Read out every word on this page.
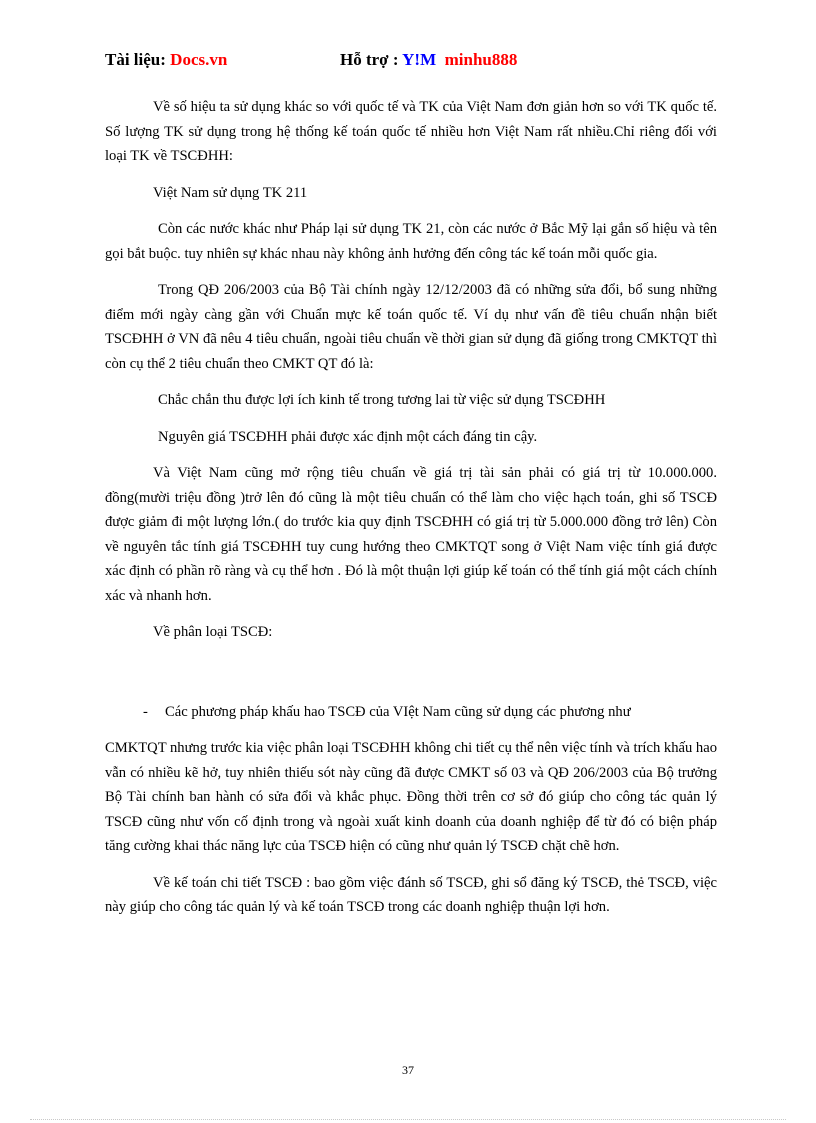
Tài liệu: Docs.vn	Hỗ trợ : Y!M minhu888

Về số hiệu ta sử dụng khác so với quốc tế và TK của Việt Nam đơn giản hơn so với TK quốc tế. Số lượng TK sử dụng trong hệ thống kế toán quốc tế nhiều hơn Việt Nam rất nhiều.Chỉ riêng đối với loại TK về TSCĐHH:

Việt Nam sử dụng TK 211

Còn các nước khác như Pháp lại sử dụng TK 21, còn các nước ở Bắc Mỹ lại gắn số hiệu và tên gọi bắt buộc. tuy nhiên sự khác nhau này không ảnh hưởng đến công tác kế toán mỗi quốc gia.

Trong QĐ 206/2003 của Bộ Tài chính ngày 12/12/2003 đã có những sửa đổi, bổ sung những điểm mới ngày càng gần với Chuẩn mực kế toán quốc tế. Ví dụ như vấn đề tiêu chuẩn nhận biết TSCĐHH ở VN đã nêu 4 tiêu chuẩn, ngoài tiêu chuẩn về thời gian sử dụng đã giống trong CMKTQT thì còn cụ thể 2 tiêu chuẩn theo CMKT QT đó là:

Chắc chắn thu được lợi ích kinh tế trong tương lai từ việc sử dụng TSCĐHH

Nguyên giá TSCĐHH phải được xác định một cách đáng tin cậy.

Và Việt Nam cũng mở rộng tiêu chuẩn về giá trị tài sản phải có giá trị từ 10.000.000. đồng(mười triệu đồng )trở lên đó cũng là một tiêu chuẩn có thể làm cho việc hạch toán, ghi số TSCĐ được giảm đi một lượng lớn.( do trước kia quy định TSCĐHH có giá trị từ 5.000.000 đồng trở lên) Còn về nguyên tắc tính giá TSCĐHH tuy cung hướng theo CMKTQT song ở Việt Nam việc tính giá được xác định có phần rõ ràng và cụ thể hơn . Đó là một thuận lợi giúp kế toán có thể tính giá một cách chính xác và nhanh hơn.

Về phân loại TSCĐ:

- Các phương pháp khấu hao TSCĐ của VIệt Nam cũng sử dụng các phương như

CMKTQT nhưng trước kia việc phân loại TSCĐHH không chi tiết cụ thể nên việc tính và trích khấu hao vẫn có nhiều kẽ hở, tuy nhiên thiếu sót này cũng đã được CMKT số 03 và QĐ 206/2003 của Bộ trưởng Bộ Tài chính ban hành có sửa đổi và khắc phục. Đồng thời trên cơ sở đó giúp cho công tác quản lý TSCĐ cũng như vốn cố định trong và ngoài xuất kinh doanh của doanh nghiệp để từ đó có biện pháp tăng cường khai thác năng lực của TSCĐ hiện có cũng như quản lý TSCĐ chặt chẽ hơn.

Về kế toán chi tiết TSCĐ : bao gồm việc đánh số TSCĐ, ghi sổ đăng ký TSCĐ, thẻ TSCĐ, việc này giúp cho công tác quản lý và kế toán TSCĐ trong các doanh nghiệp thuận lợi hơn.

37
